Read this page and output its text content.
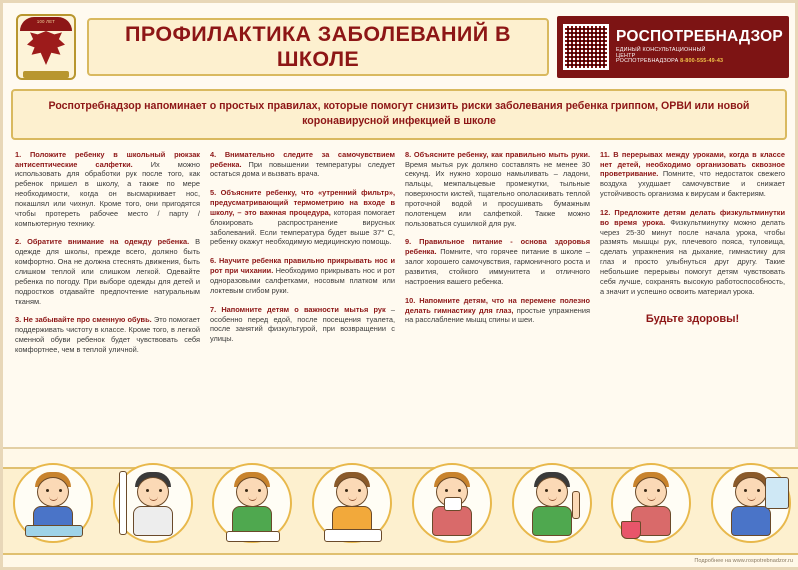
100 ЛЕТ
ПРОФИЛАКТИКА ЗАБОЛЕВАНИЙ В ШКОЛЕ
РОСПОТРЕБНАДЗОР
ЕДИНЫЙ КОНСУЛЬТАЦИОННЫЙ
ЦЕНТР
РОСПОТРЕБНАДЗОРА 8-800-555-49-43
Роспотребнадзор напоминает о простых правилах, которые помогут снизить риски заболевания ребенка гриппом, ОРВИ или новой коронавирусной инфекцией в школе
1. Положите ребенку в школьный рюкзак антисептические салфетки. Их можно использовать для обработки рук после того, как ребенок пришел в школу, а также по мере необходимости, когда он высмаркивает нос, покашлял или чихнул. Кроме того, они пригодятся чтобы протереть рабочее место / парту / компьютерную технику.
2. Обратите внимание на одежду ребенка. В одежде для школы, прежде всего, должно быть комфортно. Она не должна стеснять движения, быть слишком теплой или слишком легкой. Одевайте ребенка по погоду. При выборе одежды для детей и подростков отдавайте предпочтение натуральным тканям.
3. Не забывайте про сменную обувь. Это помогает поддерживать чистоту в классе. Кроме того, в легкой сменной обуви ребенок будет чувствовать себя комфортнее, чем в теплой уличной.
4. Внимательно следите за самочувствием ребенка. При повышении температуры следует остаться дома и вызвать врача.
5. Объясните ребенку, что «утренний фильтр», предусматривающий термометрию на входе в школу, – это важная процедура, которая помогает блокировать распространение вирусных заболеваний. Если температура будет выше 37° С, ребенку окажут необходимую медицинскую помощь.
6. Научите ребенка правильно прикрывать нос и рот при чихании. Необходимо прикрывать нос и рот одноразовыми салфетками, носовым платком или локтевым сгибом руки.
7. Напомните детям о важности мытья рук – особенно перед едой, после посещения туалета, после занятий физкультурой, при возвращении с улицы.
8. Объясните ребенку, как правильно мыть руки. Время мытья рук должно составлять не менее 30 секунд. Их нужно хорошо намыливать – ладони, пальцы, межпальцевые промежутки, тыльные поверхности кистей, тщательно ополаскивать теплой проточной водой и просушивать бумажным полотенцем или салфеткой. Также можно пользоваться сушилкой для рук.
9. Правильное питание - основа здоровья ребенка. Помните, что горячее питание в школе – залог хорошего самочувствия, гармоничного роста и развития, стойкого иммунитета и отличного настроения вашего ребенка.
10. Напомните детям, что на перемене полезно делать гимнастику для глаз, простые упражнения на расслабление мышц спины и шеи.
11. В перерывах между уроками, когда в классе нет детей, необходимо организовать сквозное проветривание. Помните, что недостаток свежего воздуха ухудшает самочувствие и снижает устойчивость организма к вирусам и бактериям.
12. Предложите детям делать физкультминутки во время урока. Физкультминутку можно делать через 25-30 минут после начала урока, чтобы размять мышцы рук, плечевого пояса, туловища, сделать упражнения на дыхание, гимнастику для глаз и просто улыбнуться друг другу. Такие небольшие перерывы помогут детям чувствовать себя лучше, сохранять высокую работоспособность, а значит и успешно освоить материал урока.
Будьте здоровы!
Подробнее на www.rospotrebnadzor.ru
